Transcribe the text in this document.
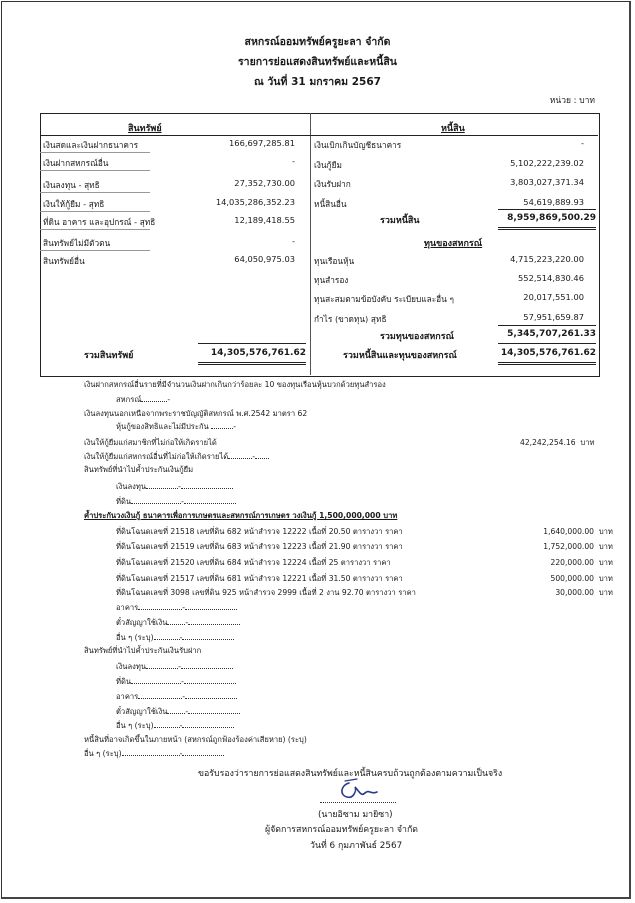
สหกรณ์ออมทรัพย์ครูยะลา จำกัด
รายการย่อแสดงสินทรัพย์และหนี้สิน
ณ วันที่ 31 มกราคม 2567
หน่วย : บาท
สินทรัพย์
เงินสดและเงินฝากธนาคาร	166,697,285.81
เงินฝากสหกรณ์อื่น	-
เงินลงทุน - สุทธิ	27,352,730.00
เงินให้กู้ยืม - สุทธิ	14,035,286,352.23
ที่ดิน อาคาร และอุปกรณ์ - สุทธิ	12,189,418.55
สินทรัพย์ไม่มีตัวตน	-
สินทรัพย์อื่น	64,050,975.03
รวมสินทรัพย์	14,305,576,761.62
หนี้สิน
เงินเบิกเกินบัญชีธนาคาร	-
เงินกู้ยืม	5,102,222,239.02
เงินรับฝาก	3,803,027,371.34
หนี้สินอื่น	54,619,889.93
รวมหนี้สิน	8,959,869,500.29
ทุนของสหกรณ์
ทุนเรือนหุ้น	4,715,223,220.00
ทุนสำรอง	552,514,830.46
ทุนสะสมตามข้อบังคับ ระเบียบและอื่น ๆ	20,017,551.00
กำไร (ขาดทุน) สุทธิ	57,951,659.87
รวมทุนของสหกรณ์	5,345,707,261.33
รวมหนี้สินและทุนของสหกรณ์	14,305,576,761.62
เงินฝากสหกรณ์อื่นรายที่มีจำนวนเงินฝากเกินกว่าร้อยละ 10 ของทุนเรือนหุ้นบวกด้วยทุนสำรอง
สหกรณ์	-
เงินลงทุนนอกเหนือจากพระราชบัญญัติสหกรณ์ พ.ศ.2542 มาตรา 62
หุ้นกู้ของสิทธิและไม่มีประกัน	-
เงินให้กู้ยืมแก่สมาชิกที่ไม่ก่อให้เกิดรายได้	42,242,254.16 บาท
เงินให้กู้ยืมแก่สหกรณ์อื่นที่ไม่ก่อให้เกิดรายได้	-
สินทรัพย์ที่นำไปค้ำประกันเงินกู้ยืม
เงินลงทุน	-
ที่ดิน	-
ค้ำประกันวงเงินกู้ ธนาคารเพื่อการเกษตรและสหกรณ์การเกษตร วงเงินกู้ 1,500,000,000 บาท
ที่ดินโฉนดเลขที่ 21518 เลขที่ดิน 682 หน้าสำรวจ 12222 เนื้อที่ 20.50 ตารางวา ราคา	1,640,000.00 บาท
ที่ดินโฉนดเลขที่ 21519 เลขที่ดิน 683 หน้าสำรวจ 12223 เนื้อที่ 21.90 ตารางวา ราคา	1,752,000.00 บาท
ที่ดินโฉนดเลขที่ 21520 เลขที่ดิน 684 หน้าสำรวจ 12224 เนื้อที่ 25 ตารางวา ราคา	220,000.00 บาท
ที่ดินโฉนดเลขที่ 21517 เลขที่ดิน 681 หน้าสำรวจ 12221 เนื้อที่ 31.50 ตารางวา ราคา	500,000.00 บาท
ที่ดินโฉนดเลขที่ 3098 เลขที่ดิน 925 หน้าสำรวจ 2999 เนื้อที่ 2 งาน 92.70 ตารางวา ราคา	30,000.00 บาท
อาคาร	-
ตั๋วสัญญาใช้เงิน -
อื่น ๆ (ระบุ)	-
สินทรัพย์ที่นำไปค้ำประกันเงินรับฝาก
เงินลงทุน	-
ที่ดิน	-
อาคาร	-
ตั๋วสัญญาใช้เงิน -
อื่น ๆ (ระบุ)	-
หนี้สินที่อาจเกิดขึ้นในภายหน้า (สหกรณ์ถูกฟ้องร้องค่าเสียหาย) (ระบุ)
อื่น ๆ (ระบุ)	-
ขอรับรองว่ารายการย่อแสดงสินทรัพย์และหนี้สินครบถ้วนถูกต้องตามความเป็นจริง
(นายอิซาม มายิซา)
ผู้จัดการสหกรณ์ออมทรัพย์ครูยะลา จำกัด
วันที่ 6 กุมภาพันธ์ 2567
